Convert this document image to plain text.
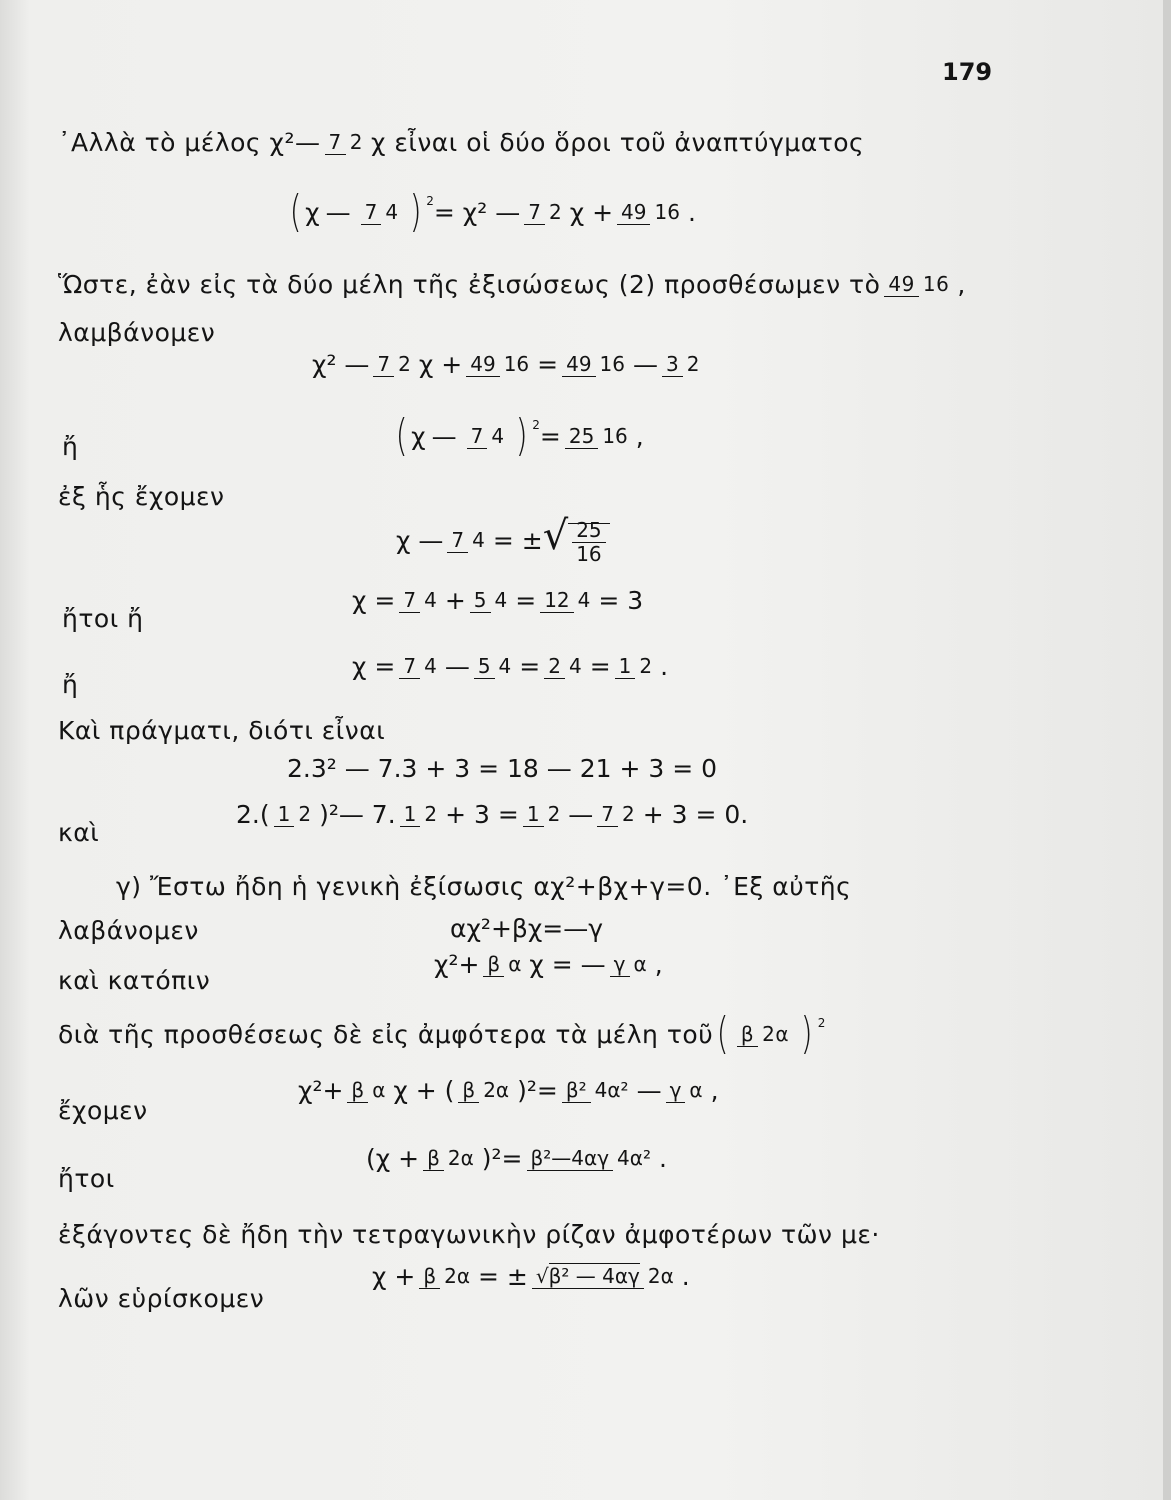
179
᾿Αλλὰ τὸ μέλος χ²— 7 2 χ εἶναι οἱ δύο ὅροι τοῦ ἀναπτύγματος
( χ — 7 4 ) 2 = χ² — 7 2 χ + 49 16 .
Ὥστε, ἐὰν εἰς τὰ δύο μέλη τῆς ἐξισώσεως (2) προσθέσωμεν τὸ 49 16 ,
λαμβάνομεν
χ² — 7 2 χ + 49 16 = 49 16 — 3 2
ἤ	( χ — 7 4 ) 2 = 25 16 ,
ἐξ ἧς ἔχομεν
χ — 7 4 = ± √ $\frac{25}{16}$
ἤτοι ἤ
χ = 7 4 + 5 4 = 12 4 = 3
ἤ
χ = 7 4 — 5 4 = 2 4 = 1 2 .
Καὶ πράγματι, διότι εἶναι
2.3² — 7.3 + 3 = 18 — 21 + 3 = 0
καὶ
2.( 1 2 )²— 7. 1 2 + 3 = 1 2 — 7 2 + 3 = 0.
γ) Ἔστω ἤδη ἡ γενικὴ ἐξίσωσις αχ²+βχ+γ=0. ᾿Εξ αὐτῆς
λαβάνομεν	αχ²+βχ=—γ
καὶ κατόπιν
χ²+ β α χ = — γ α ,
διὰ τῆς προσθέσεως δὲ εἰς ἀμφότερα τὰ μέλη τοῦ ( β 2α ) 2
ἔχομεν
χ²+ β α χ + ( β 2α )²= β² 4α² — γ α ,
ἤτοι
(χ + β 2α )²= β²—4αγ 4α² .
ἐξάγοντες δὲ ἤδη τὴν τετραγωνικὴν ρίζαν ἀμφοτέρων τῶν με·
λῶν εὑρίσκομεν
χ + β 2α = ± √β² — 4αγ 2α .
